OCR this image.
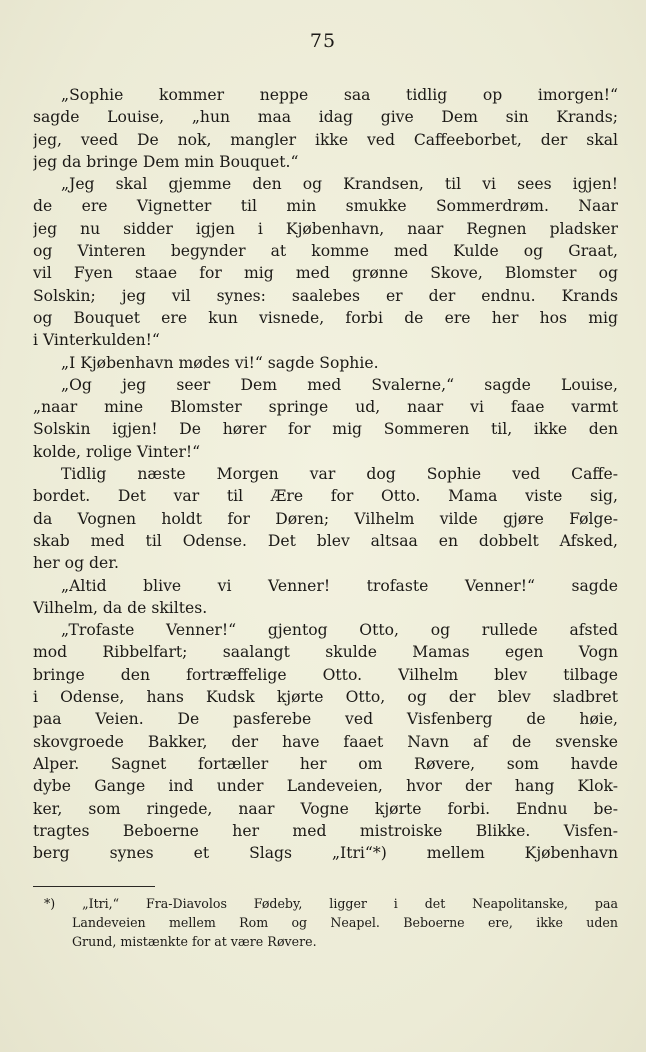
75
„Sophie kommer neppe saa tidlig op imorgen!“
sagde Louise, „hun maa idag give Dem sin Krands;
jeg, veed De nok, mangler ikke ved Caffeeborbet, der skal
jeg da bringe Dem min Bouquet.“
„Jeg skal gjemme den og Krandsen, til vi sees igjen!
de ere Vignetter til min smukke Sommerdrøm. Naar
jeg nu sidder igjen i Kjøbenhavn, naar Regnen pladsker
og Vinteren begynder at komme med Kulde og Graat,
vil Fyen staae for mig med grønne Skove, Blomster og
Solskin; jeg vil synes: saalebes er der endnu. Krands
og Bouquet ere kun visnede, forbi de ere her hos mig
i Vinterkulden!“
„I Kjøbenhavn mødes vi!“ sagde Sophie.
„Og jeg seer Dem med Svalerne,“ sagde Louise,
„naar mine Blomster springe ud, naar vi faae varmt
Solskin igjen! De hører for mig Sommeren til, ikke den
kolde, rolige Vinter!“
Tidlig næste Morgen var dog Sophie ved Caffe-
bordet. Det var til Ære for Otto. Mama viste sig,
da Vognen holdt for Døren; Vilhelm vilde gjøre Følge-
skab med til Odense. Det blev altsaa en dobbelt Afsked,
her og der.
„Altid blive vi Venner! trofaste Venner!“ sagde
Vilhelm, da de skiltes.
„Trofaste Venner!“ gjentog Otto, og rullede afsted
mod Ribbelfart; saalangt skulde Mamas egen Vogn
bringe den fortræffelige Otto. Vilhelm blev tilbage
i Odense, hans Kudsk kjørte Otto, og der blev sladbret
paa Veien. De pasferebe ved Visfenberg de høie,
skovgroede Bakker, der have faaet Navn af de svenske
Alper. Sagnet fortæller her om Røvere, som havde
dybe Gange ind under Landeveien, hvor der hang Klok-
ker, som ringede, naar Vogne kjørte forbi. Endnu be-
tragtes Beboerne her med mistroiske Blikke. Visfen-
berg synes et Slags „Itri“*) mellem Kjøbenhavn
*) „Itri,“ Fra-Diavolos Fødeby, ligger i det Neapolitanske, paa
Landeveien mellem Rom og Neapel. Beboerne ere, ikke uden
Grund, mistænkte for at være Røvere.
